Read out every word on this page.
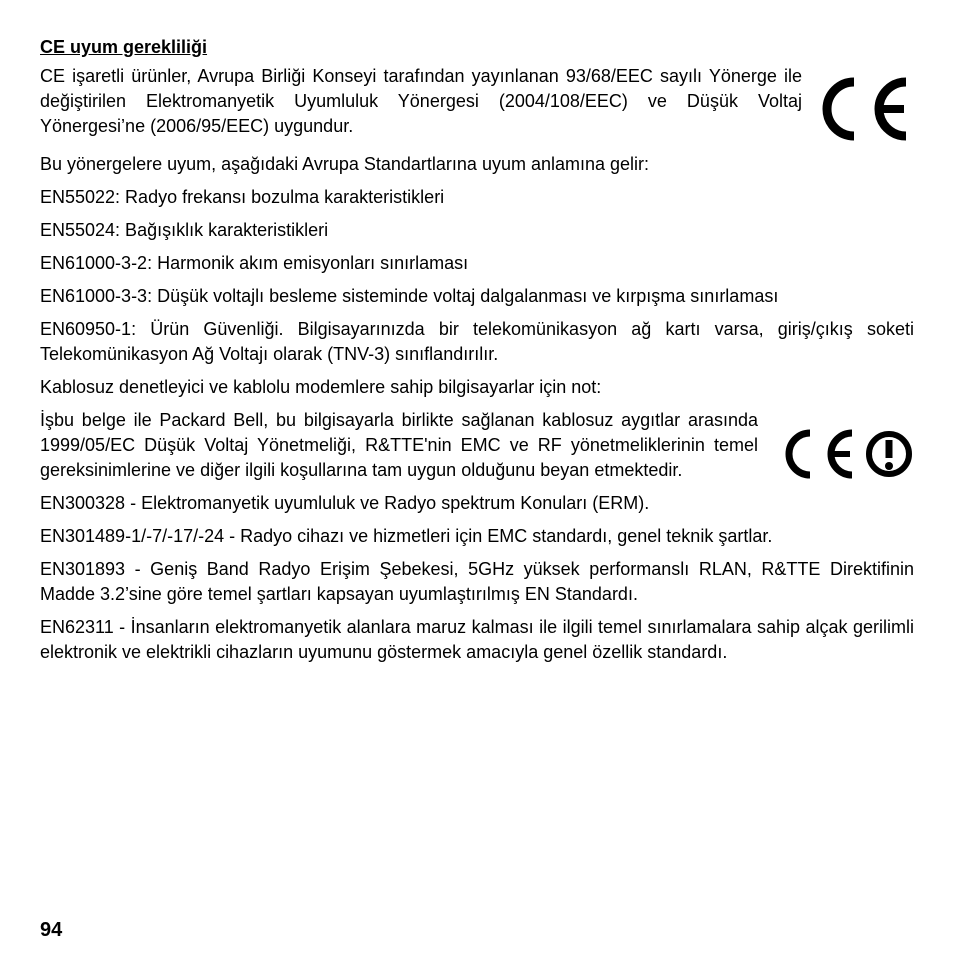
CE uyum gerekliliği

CE işaretli ürünler, Avrupa Birliği Konseyi tarafından yayınlanan 93/68/EEC sayılı Yönerge ile değiştirilen Elektromanyetik Uyumluluk Yönergesi (2004/108/EEC) ve Düşük Voltaj Yönergesi’ne (2006/95/EEC) uygundur.

Bu yönergelere uyum, aşağıdaki Avrupa Standartlarına uyum anlamına gelir:

EN55022: Radyo frekansı bozulma karakteristikleri

EN55024: Bağışıklık karakteristikleri

EN61000-3-2: Harmonik akım emisyonları sınırlaması

EN61000-3-3: Düşük voltajlı besleme sisteminde voltaj dalgalanması ve kırpışma sınırlaması

EN60950-1: Ürün Güvenliği. Bilgisayarınızda bir telekomünikasyon ağ kartı varsa, giriş/çıkış soketi Telekomünikasyon Ağ Voltajı olarak (TNV-3) sınıflandırılır.

Kablosuz denetleyici ve kablolu modemlere sahip bilgisayarlar için not:

İşbu belge ile Packard Bell, bu bilgisayarla birlikte sağlanan kablosuz aygıtlar arasında 1999/05/EC Düşük Voltaj Yönetmeliği, R&TTE'nin EMC ve RF yönetmeliklerinin temel gereksinimlerine ve diğer ilgili koşullarına tam uygun olduğunu beyan etmektedir.

EN300328 - Elektromanyetik uyumluluk ve Radyo spektrum Konuları (ERM).

EN301489-1/-7/-17/-24 - Radyo cihazı ve hizmetleri için EMC standardı, genel teknik şartlar.

EN301893 - Geniş Band Radyo Erişim Şebekesi, 5GHz yüksek performanslı RLAN, R&TTE Direktifinin Madde 3.2’sine göre temel şartları kapsayan uyumlaştırılmış EN Standardı.

EN62311 - İnsanların elektromanyetik alanlara maruz kalması ile ilgili temel sınırlamalara sahip alçak gerilimli elektronik ve elektrikli cihazların uyumunu göstermek amacıyla genel özellik standardı.

94
